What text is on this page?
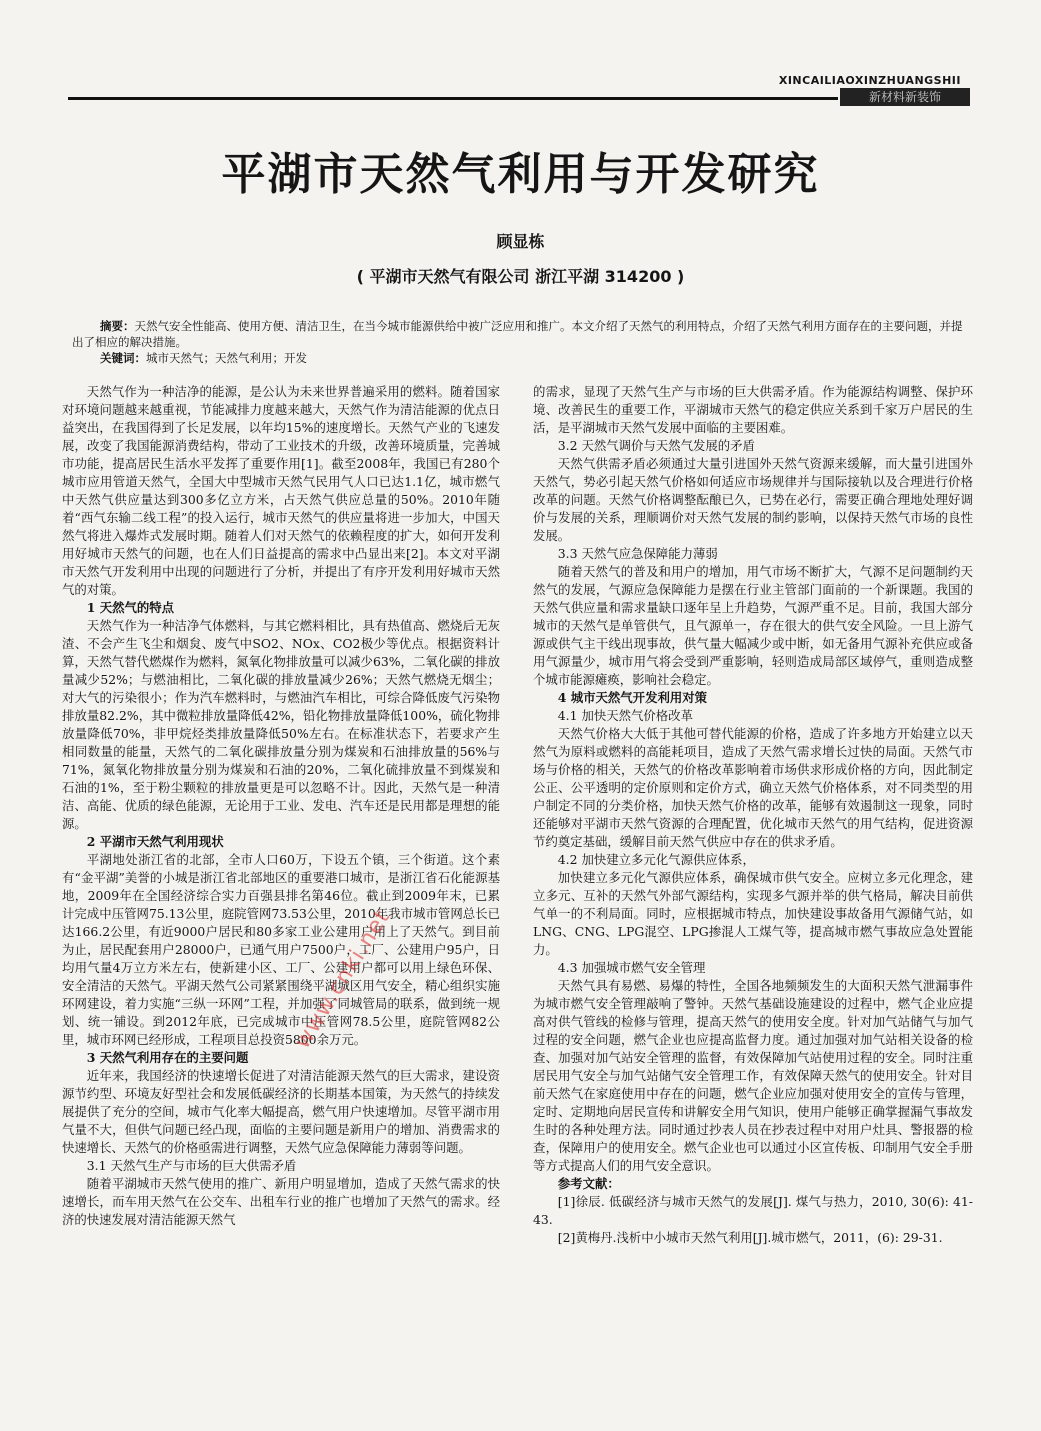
XINCAILIAOXINZHUANGSHII
新材料新装饰
平湖市天然气利用与开发研究
顾显栋
( 平湖市天然气有限公司 浙江平湖 314200 )

摘要：天然气安全性能高、使用方便、清洁卫生，在当今城市能源供给中被广泛应用和推广。本文介绍了天然气的利用特点，介绍了天然气利用方面存在的主要问题，并提出了相应的解决措施。

关键词：城市天然气；天然气利用；开发

天然气作为一种洁净的能源，是公认为未来世界普遍采用的燃料。随着国家对环境问题越来越重视，节能减排力度越来越大，天然气作为清洁能源的优点日益突出，在我国得到了长足发展，以年均15%的速度增长。天然气产业的飞速发展，改变了我国能源消费结构，带动了工业技术的升级，改善环境质量，完善城市功能，提高居民生活水平发挥了重要作用[1]。截至2008年，我国已有280个城市应用管道天然气，全国大中型城市天然气民用气人口已达1.1亿，城市燃气中天然气供应量达到300多亿立方米，占天然气供应总量的50%。2010年随着“西气东输二线工程”的投入运行，城市天然气的供应量将进一步加大，中国天然气将进入爆炸式发展时期。随着人们对天然气的依赖程度的扩大，如何开发利用好城市天然气的问题，也在人们日益提高的需求中凸显出来[2]。本文对平湖市天然气开发利用中出现的问题进行了分析，并提出了有序开发利用好城市天然气的对策。

1 天然气的特点

天然气作为一种洁净气体燃料，与其它燃料相比，具有热值高、燃烧后无灰渣、不会产生飞尘和烟炱、废气中SO2、NOx、CO2极少等优点。根据资料计算，天然气替代燃煤作为燃料，氮氧化物排放量可以减少63%，二氧化碳的排放量减少52%；与燃油相比，二氧化碳的排放量减少26%；天然气燃烧无烟尘；对大气的污染很小；作为汽车燃料时，与燃油汽车相比，可综合降低废气污染物排放量82.2%，其中微粒排放量降低42%，铅化物排放量降低100%，硫化物排放量降低70%，非甲烷烃类排放量降低50%左右。在标准状态下，若要求产生相同数量的能量，天然气的二氧化碳排放量分别为煤炭和石油排放量的56%与71%，氮氧化物排放量分别为煤炭和石油的20%，二氧化硫排放量不到煤炭和石油的1%，至于粉尘颗粒的排放量更是可以忽略不计。因此，天然气是一种清洁、高能、优质的绿色能源，无论用于工业、发电、汽车还是民用都是理想的能源。

2 平湖市天然气利用现状

平湖地处浙江省的北部，全市人口60万，下设五个镇，三个街道。这个素有“金平湖”美誉的小城是浙江省北部地区的重要港口城市，是浙江省石化能源基地，2009年在全国经济综合实力百强县排名第46位。截止到2009年末，已累计完成中压管网75.13公里，庭院管网73.53公里，2010年我市城市管网总长已达166.2公里，有近9000户居民和80多家工业公建用户用上了天然气。到目前为止，居民配套用户28000户，已通气用户7500户，工厂、公建用户95户，日均用气量4万立方米左右，使新建小区、工厂、公建用户都可以用上绿色环保、安全清洁的天然气。平湖天然气公司紧紧围绕平湖城区用气安全，精心组织实施环网建设，着力实施“三纵一环网”工程，并加强了同城管局的联系，做到统一规划、统一铺设。到2012年底，已完成城市中压管网78.5公里，庭院管网82公里，城市环网已经形成，工程项目总投资5800余万元。

3 天然气利用存在的主要问题

近年来，我国经济的快速增长促进了对清洁能源天然气的巨大需求，建设资源节约型、环境友好型社会和发展低碳经济的长期基本国策，为天然气的持续发展提供了充分的空间，城市气化率大幅提高，燃气用户快速增加。尽管平湖市用气量不大，但供气问题已经凸现，面临的主要问题是新用户的增加、消费需求的快速增长、天然气的价格亟需进行调整，天然气应急保障能力薄弱等问题。

3.1 天然气生产与市场的巨大供需矛盾

随着平湖城市天然气使用的推广、新用户明显增加，造成了天然气需求的快速增长，而车用天然气在公交车、出租车行业的推广也增加了天然气的需求。经济的快速发展对清洁能源天然气

的需求，显现了天然气生产与市场的巨大供需矛盾。作为能源结构调整、保护环境、改善民生的重要工作，平湖城市天然气的稳定供应关系到千家万户居民的生活，是平湖城市天然气发展中面临的主要困难。

3.2 天然气调价与天然气发展的矛盾

天然气供需矛盾必须通过大量引进国外天然气资源来缓解，而大量引进国外天然气，势必引起天然气价格如何适应市场规律并与国际接轨以及合理进行价格改革的问题。天然气价格调整酝酿已久，已势在必行，需要正确合理地处理好调价与发展的关系，理顺调价对天然气发展的制约影响，以保持天然气市场的良性发展。

3.3 天然气应急保障能力薄弱

随着天然气的普及和用户的增加，用气市场不断扩大，气源不足问题制约天然气的发展，气源应急保障能力是摆在行业主管部门面前的一个新课题。我国的天然气供应量和需求量缺口逐年呈上升趋势，气源严重不足。目前，我国大部分城市的天然气是单管供气，且气源单一，存在很大的供气安全风险。一旦上游气源或供气主干线出现事故，供气量大幅减少或中断，如无备用气源补充供应或备用气源量少，城市用气将会受到严重影响，轻则造成局部区域停气，重则造成整个城市能源瘫痪，影响社会稳定。

4 城市天然气开发利用对策
4.1 加快天然气价格改革

天然气价格大大低于其他可替代能源的价格，造成了许多地方开始建立以天然气为原料或燃料的高能耗项目，造成了天然气需求增长过快的局面。天然气市场与价格的相关，天然气的价格改革影响着市场供求形成价格的方向，因此制定公正、公平透明的定价原则和定价方式，确立天然气价格体系，对不同类型的用户制定不同的分类价格，加快天然气价格的改革，能够有效遏制这一现象，同时还能够对平湖市天然气资源的合理配置，优化城市天然气的用气结构，促进资源节约奠定基础，缓解目前天然气供应中存在的供求矛盾。

4.2 加快建立多元化气源供应体系，

加快建立多元化气源供应体系，确保城市供气安全。应树立多元化理念，建立多元、互补的天然气外部气源结构，实现多气源并举的供气格局，解决目前供气单一的不利局面。同时，应根据城市特点，加快建设事故备用气源储气站，如LNG、CNG、LPG混空、LPG掺混人工煤气等，提高城市燃气事故应急处置能力。

4.3 加强城市燃气安全管理

天然气具有易燃、易爆的特性，全国各地频频发生的大面积天然气泄漏事件为城市燃气安全管理敲响了警钟。天然气基础设施建设的过程中，燃气企业应提高对供气管线的检修与管理，提高天然气的使用安全度。针对加气站储气与加气过程的安全问题，燃气企业也应提高监督力度。通过加强对加气站相关设备的检查、加强对加气站安全管理的监督，有效保障加气站使用过程的安全。同时注重居民用气安全与加气站储气安全管理工作，有效保障天然气的使用安全。针对目前天然气在家庭使用中存在的问题，燃气企业应加强对使用安全的宣传与管理，定时、定期地向居民宣传和讲解安全用气知识，使用户能够正确掌握漏气事故发生时的各种处理方法。同时通过抄表人员在抄表过程中对用户灶具、警报器的检查，保障用户的使用安全。燃气企业也可以通过小区宣传板、印制用气安全手册等方式提高人们的用气安全意识。

参考文献：

[1]徐辰. 低碳经济与城市天然气的发展[J]. 煤气与热力，2010, 30(6): 41-43.

[2]黄梅丹.浅析中小城市天然气利用[J].城市燃气，2011，(6): 29-31.

www.cnki.net
